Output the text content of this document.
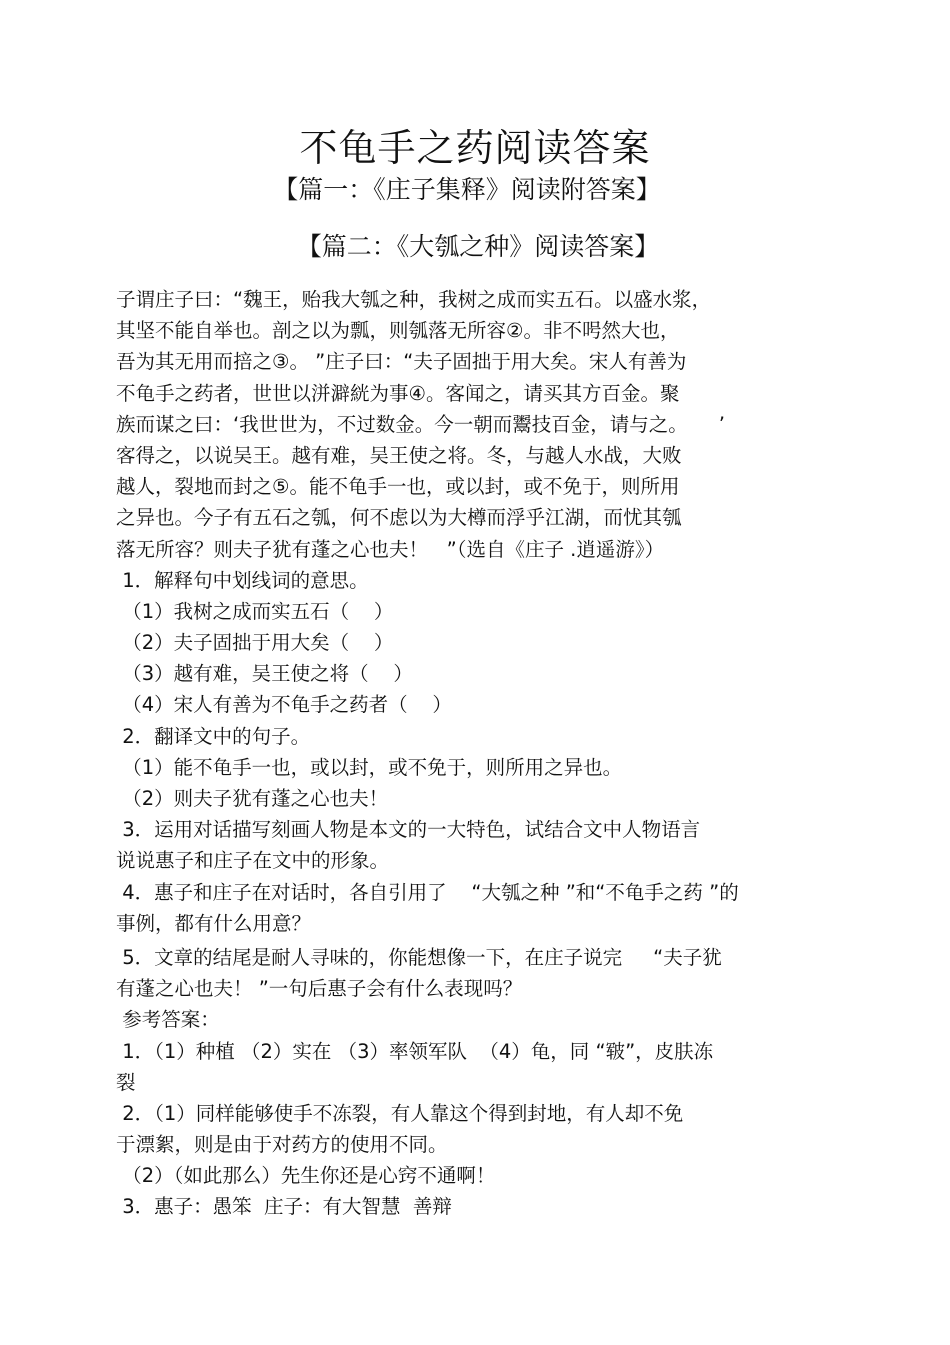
不龟手之药阅读答案
【篇一：《庄子集释》阅读附答案】
【篇二：《大瓠之种》阅读答案】
子谓庄子曰：“魏王，贻我大瓠之种，我树之成而实五石。以盛水浆，
其坚不能自举也。剖之以为瓢，则瓠落无所容②。非不呺然大也，
吾为其无用而掊之③。 ”庄子曰：“夫子固拙于用大矣。宋人有善为
不龟手之药者，世世以洴澼絖为事④。客闻之，请买其方百金。聚
族而谋之曰：‘我世世为，不过数金。今一朝而鬻技百金，请与之。     ’
客得之，以说吴王。越有难，吴王使之将。冬，与越人水战，大败
越人，裂地而封之⑤。能不龟手一也，或以封，或不免于，则所用
之异也。今子有五石之瓠，何不虑以为大樽而浮乎江湖，而忧其瓠
落无所容？则夫子犹有蓬之心也夫！   ”（选自《庄子 .逍遥游》）
1．解释句中划线词的意思。
（1）我树之成而实五石（    ）
（2）夫子固拙于用大矣（    ）
（3）越有难，吴王使之将（    ）
（4）宋人有善为不龟手之药者（    ）
2．翻译文中的句子。
（1）能不龟手一也，或以封，或不免于，则所用之异也。
（2）则夫子犹有蓬之心也夫！
3．运用对话描写刻画人物是本文的一大特色，试结合文中人物语言
说说惠子和庄子在文中的形象。
4．惠子和庄子在对话时，各自引用了    “大瓠之种 ”和“不龟手之药 ”的
事例，都有什么用意？
5．文章的结尾是耐人寻味的，你能想像一下，在庄子说完     “夫子犹
有蓬之心也夫！ ”一句后惠子会有什么表现吗？
参考答案：
1．（1）种植 （2）实在 （3）率领军队  （4）龟，同 “皲”，皮肤冻
裂
2．（1）同样能够使手不冻裂，有人靠这个得到封地，有人却不免
于漂絮，则是由于对药方的使用不同。
（2）（如此那么）先生你还是心窍不通啊！
3．惠子：愚笨  庄子：有大智慧  善辩
